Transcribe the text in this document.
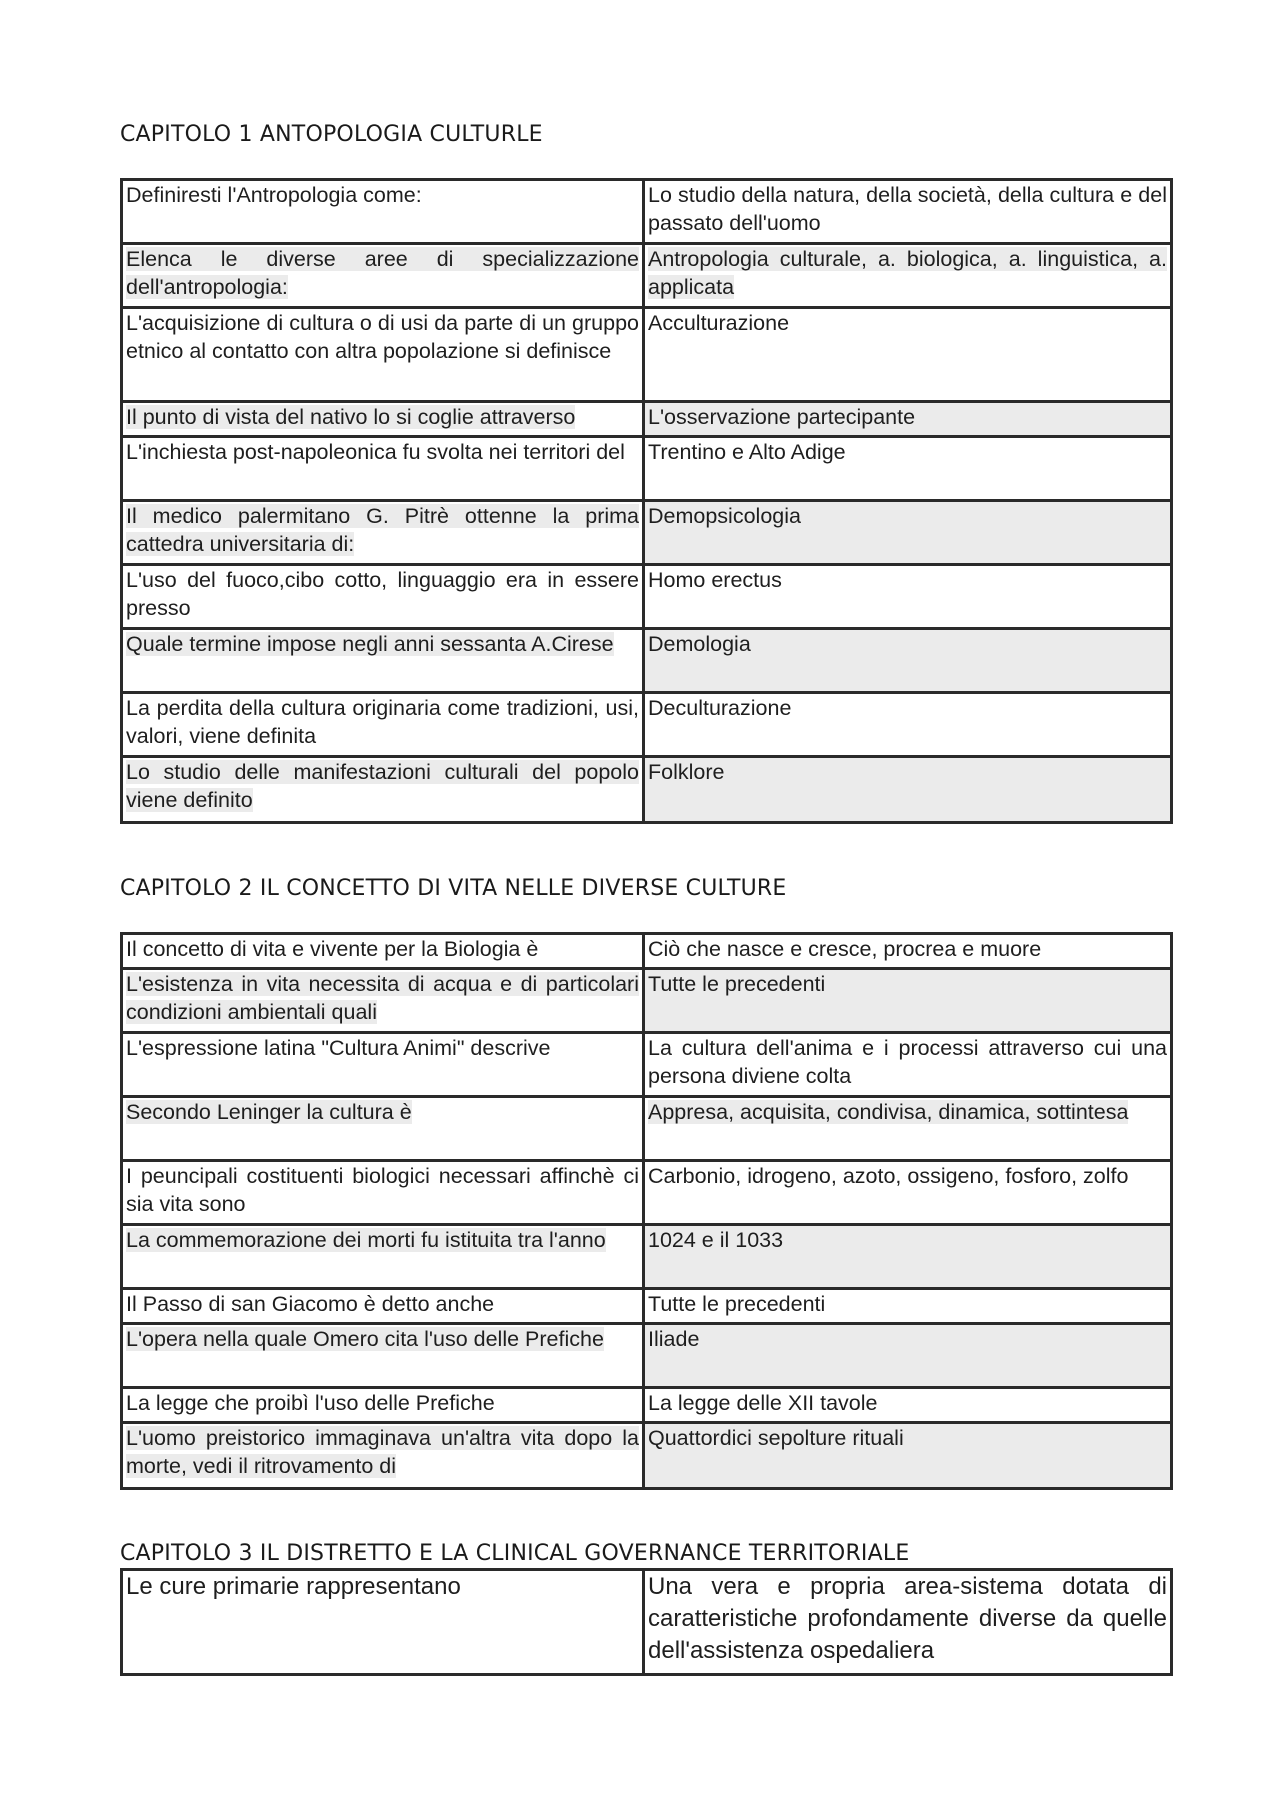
CAPITOLO 1 ANTOPOLOGIA CULTURLE
Definiresti l'Antropologia come:	Lo studio della natura, della società, della cultura e del passato dell'uomo
Elenca le diverse aree di specializzazione dell'antropologia:	Antropologia culturale, a. biologica, a. linguistica, a. applicata
L'acquisizione di cultura o di usi da parte di un gruppo etnico al contatto con altra popolazione si definisce	Acculturazione
Il punto di vista del nativo lo si coglie attraverso	L'osservazione partecipante
L'inchiesta post-napoleonica fu svolta nei territori del	Trentino e Alto Adige
Il medico palermitano G. Pitrè ottenne la prima cattedra universitaria di:	Demopsicologia
L'uso del fuoco,cibo cotto, linguaggio era in essere presso	Homo erectus
Quale termine impose negli anni sessanta A.Cirese	Demologia
La perdita della cultura originaria come tradizioni, usi, valori, viene definita	Deculturazione
Lo studio delle manifestazioni culturali del popolo viene definito	Folklore
CAPITOLO 2 IL CONCETTO DI VITA NELLE DIVERSE CULTURE
Il concetto di vita e vivente per la Biologia è	Ciò che nasce e cresce, procrea e muore
L'esistenza in vita necessita di acqua e di particolari condizioni ambientali quali	Tutte le precedenti
L'espressione latina "Cultura Animi" descrive	La cultura dell'anima e i processi attraverso cui una persona diviene colta
Secondo Leninger la cultura è	Appresa, acquisita, condivisa, dinamica, sottintesa
I peuncipali costituenti biologici necessari affinchè ci sia vita sono	Carbonio, idrogeno, azoto, ossigeno, fosforo, zolfo
La commemorazione dei morti fu istituita tra l'anno	1024 e il 1033
Il Passo di san Giacomo è detto anche	Tutte le precedenti
L'opera nella quale Omero cita l'uso delle Prefiche	Iliade
La legge che proibì l'uso delle Prefiche	La legge delle XII tavole
L'uomo preistorico immaginava un'altra vita dopo la morte, vedi il ritrovamento di	Quattordici sepolture rituali
CAPITOLO 3 IL DISTRETTO E LA CLINICAL GOVERNANCE TERRITORIALE
Le cure primarie rappresentano	Una vera e propria area-sistema dotata di caratteristiche profondamente diverse da quelle dell'assistenza ospedaliera
